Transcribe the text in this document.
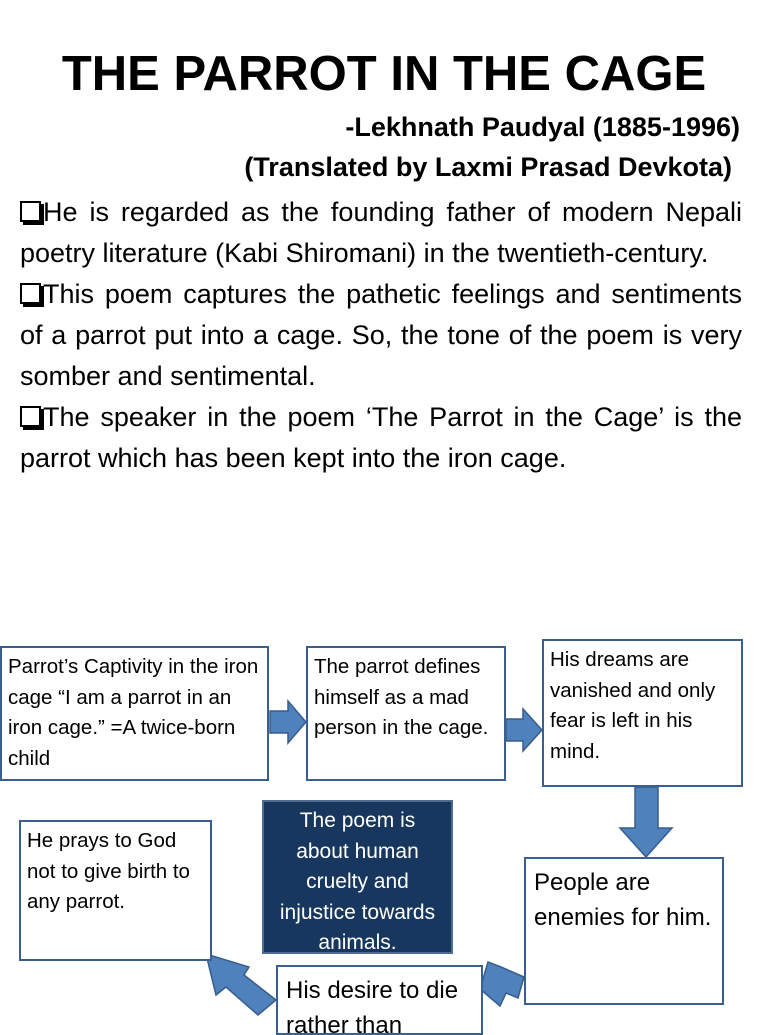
THE PARROT IN THE CAGE
-Lekhnath Paudyal (1885-1996)
(Translated by Laxmi Prasad Devkota)
He is regarded as the founding father of modern Nepali poetry literature (Kabi Shiromani) in the twentieth-century.
This poem captures the pathetic feelings and sentiments of a parrot put into a cage. So, the tone of the poem is very somber and sentimental.
The speaker in the poem ‘The Parrot in the Cage’ is the parrot which has been kept into the iron cage.
Parrot’s Captivity in the iron cage “I am a parrot in an iron cage.” =A twice-born child
The parrot defines himself as a mad person in the cage.
His dreams are vanished and only fear is left in his mind.
The poem is about human cruelty and injustice towards animals.
People are enemies for him.
His desire to die rather than
He prays to God not to give birth to any parrot.
